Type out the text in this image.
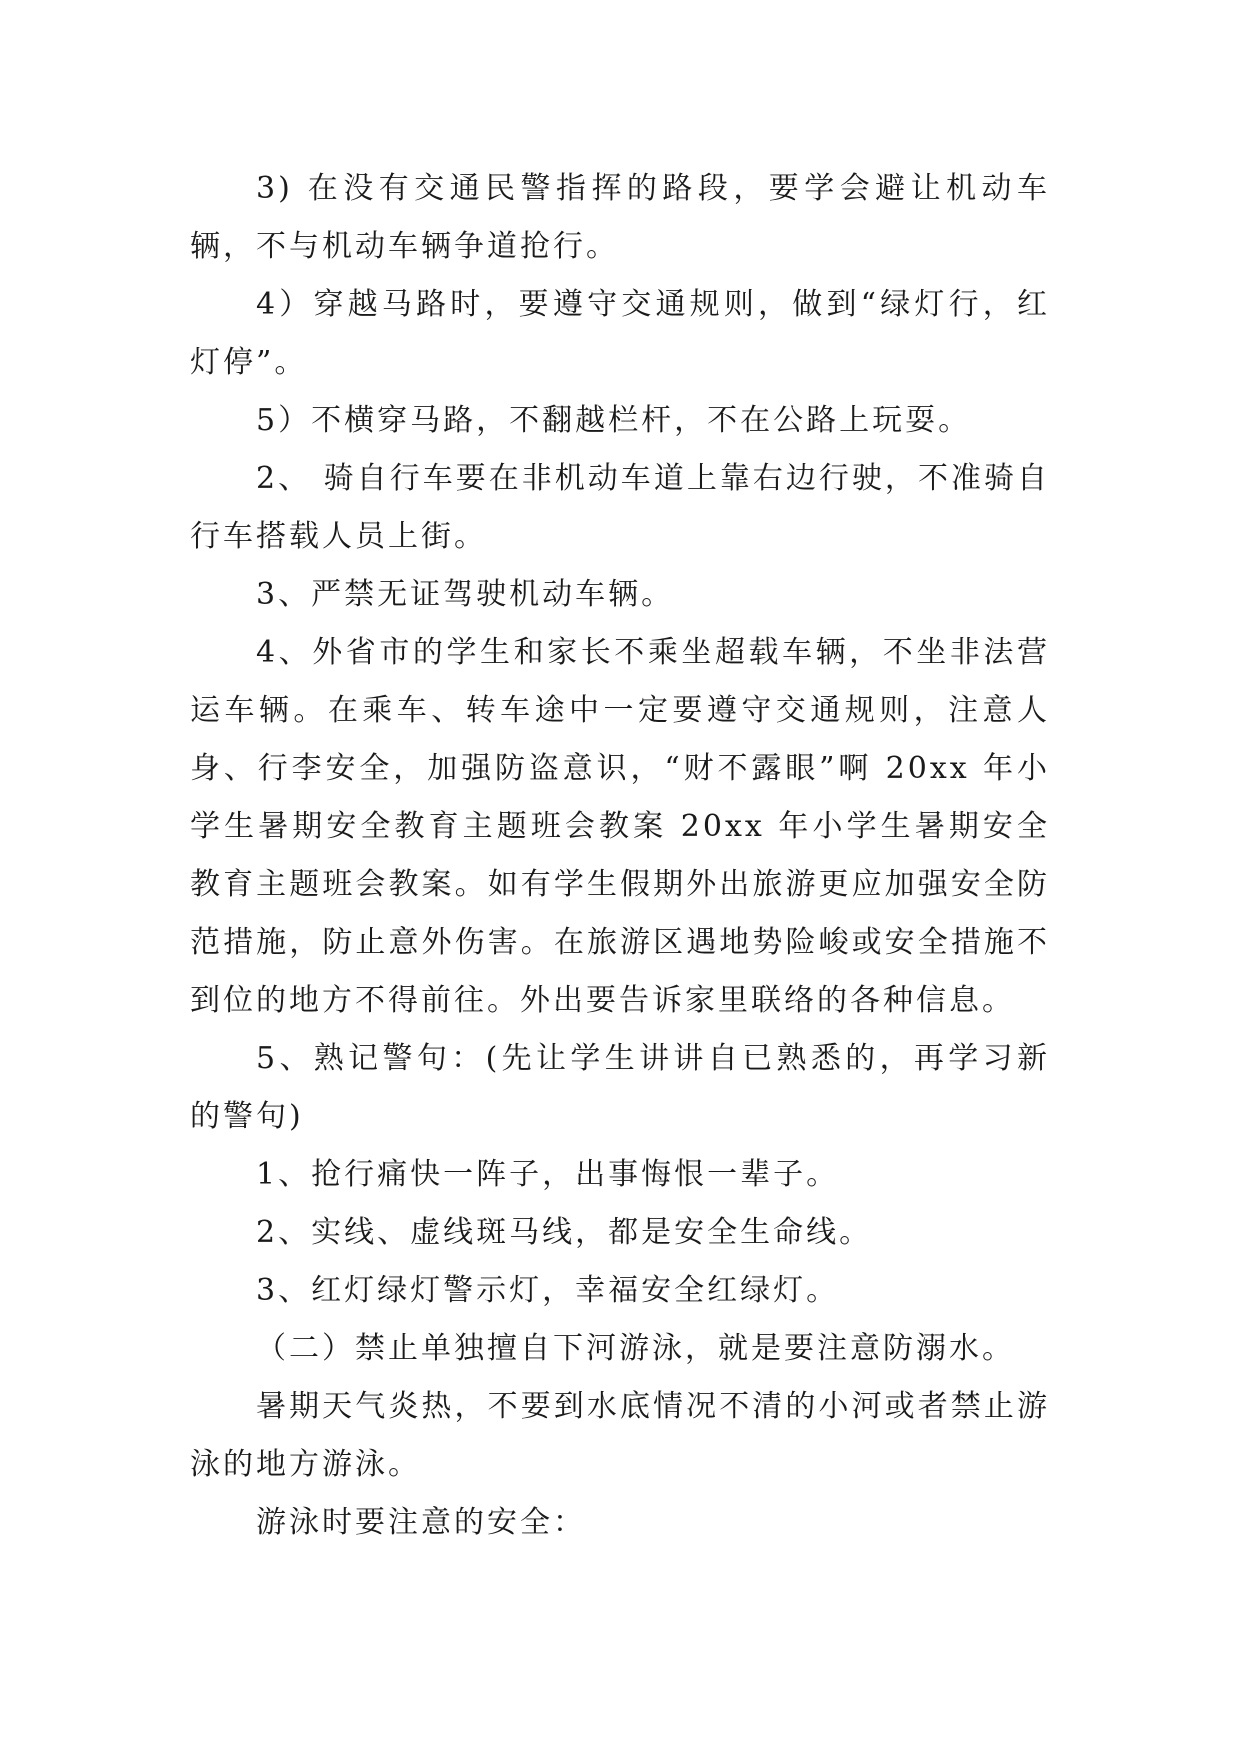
3) 在没有交通民警指挥的路段，要学会避让机动车辆，不与机动车辆争道抢行。

4）穿越马路时，要遵守交通规则，做到“绿灯行，红灯停”。

5）不横穿马路，不翻越栏杆，不在公路上玩耍。

2、 骑自行车要在非机动车道上靠右边行驶，不准骑自行车搭载人员上街。

3、严禁无证驾驶机动车辆。

4、外省市的学生和家长不乘坐超载车辆，不坐非法营运车辆。在乘车、转车途中一定要遵守交通规则，注意人身、行李安全，加强防盗意识，“财不露眼”啊 20xx 年小学生暑期安全教育主题班会教案 20xx 年小学生暑期安全教育主题班会教案。如有学生假期外出旅游更应加强安全防范措施，防止意外伤害。在旅游区遇地势险峻或安全措施不到位的地方不得前往。外出要告诉家里联络的各种信息。

5、熟记警句：(先让学生讲讲自已熟悉的，再学习新的警句)

1、抢行痛快一阵子，出事悔恨一辈子。

2、实线、虚线斑马线，都是安全生命线。

3、红灯绿灯警示灯，幸福安全红绿灯。

（二）禁止单独擅自下河游泳，就是要注意防溺水。

暑期天气炎热，不要到水底情况不清的小河或者禁止游泳的地方游泳。

游泳时要注意的安全：
